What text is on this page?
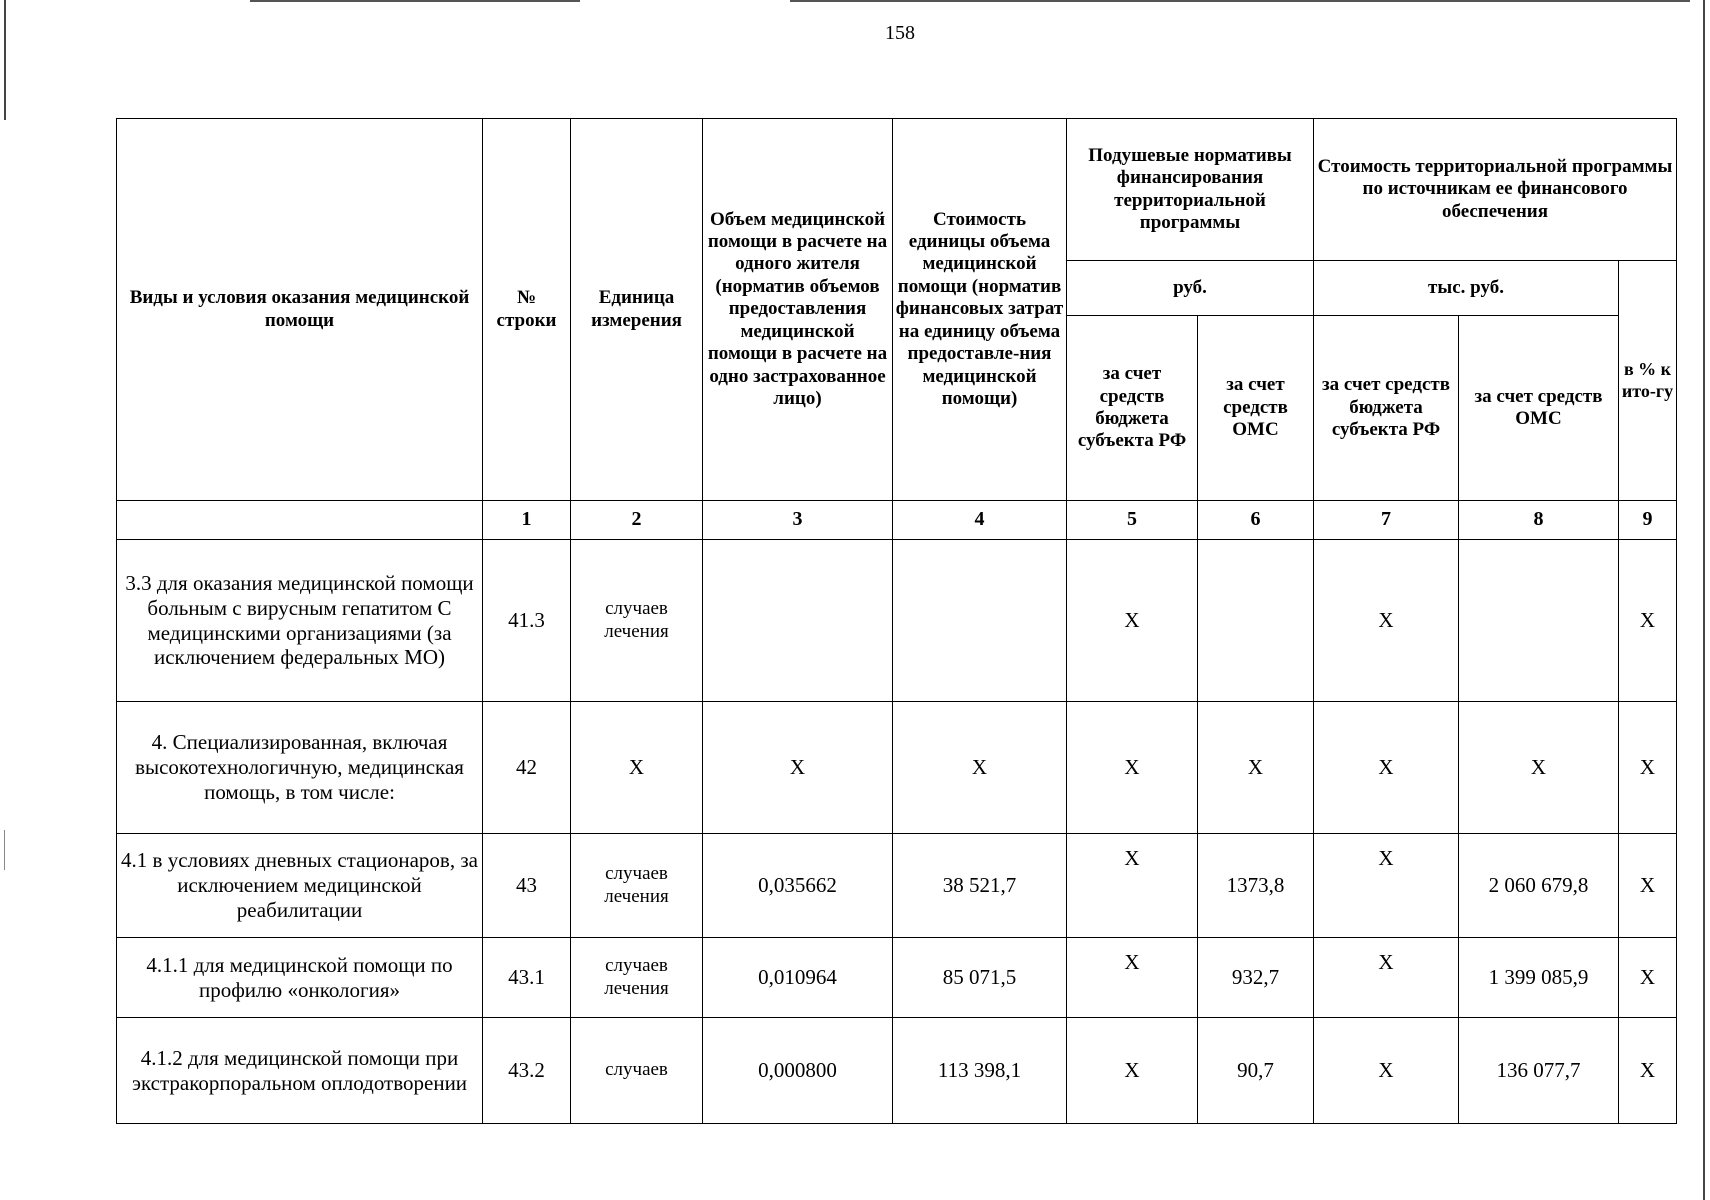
158
Виды и условия оказания медицинской помощи	№ строки	Единица измерения	Объем медицинской помощи в расчете на одного жителя (норматив объемов предоставления медицинской помощи в расчете на одно застрахованное лицо)	Стоимость единицы объема медицинской помощи (норматив финансовых затрат на единицу объема предоставле-ния медицинской помощи)	Подушевые нормативы финансирования территориальной программы		Стоимость территориальной программы по источникам ее финансового обеспечения		
					руб.		тыс. руб.		в % к ито-гу
					за счет средств бюджета субъекта РФ	за счет средств ОМС	за счет средств бюджета субъекта РФ	за счет средств ОМС	
	1	2	3	4	5	6	7	8	9
3.3 для оказания медицинской помощи больным с вирусным гепатитом С медицинскими организациями (за исключением федеральных МО)	41.3	случаев лечения			X		X		X
4. Специализированная, включая высокотехнологичную, медицинская помощь, в том числе:	42	X	X	X	X	X	X	X	X
4.1 в условиях дневных стационаров, за исключением медицинской реабилитации	43	случаев лечения	0,035662	38 521,7	X	1373,8	X	2 060 679,8	X
4.1.1 для медицинской помощи по профилю «онкология»	43.1	случаев лечения	0,010964	85 071,5	X	932,7	X	1 399 085,9	X
4.1.2 для медицинской помощи при экстракорпоральном оплодотворении	43.2	случаев	0,000800	113 398,1	X	90,7	X	136 077,7	X
